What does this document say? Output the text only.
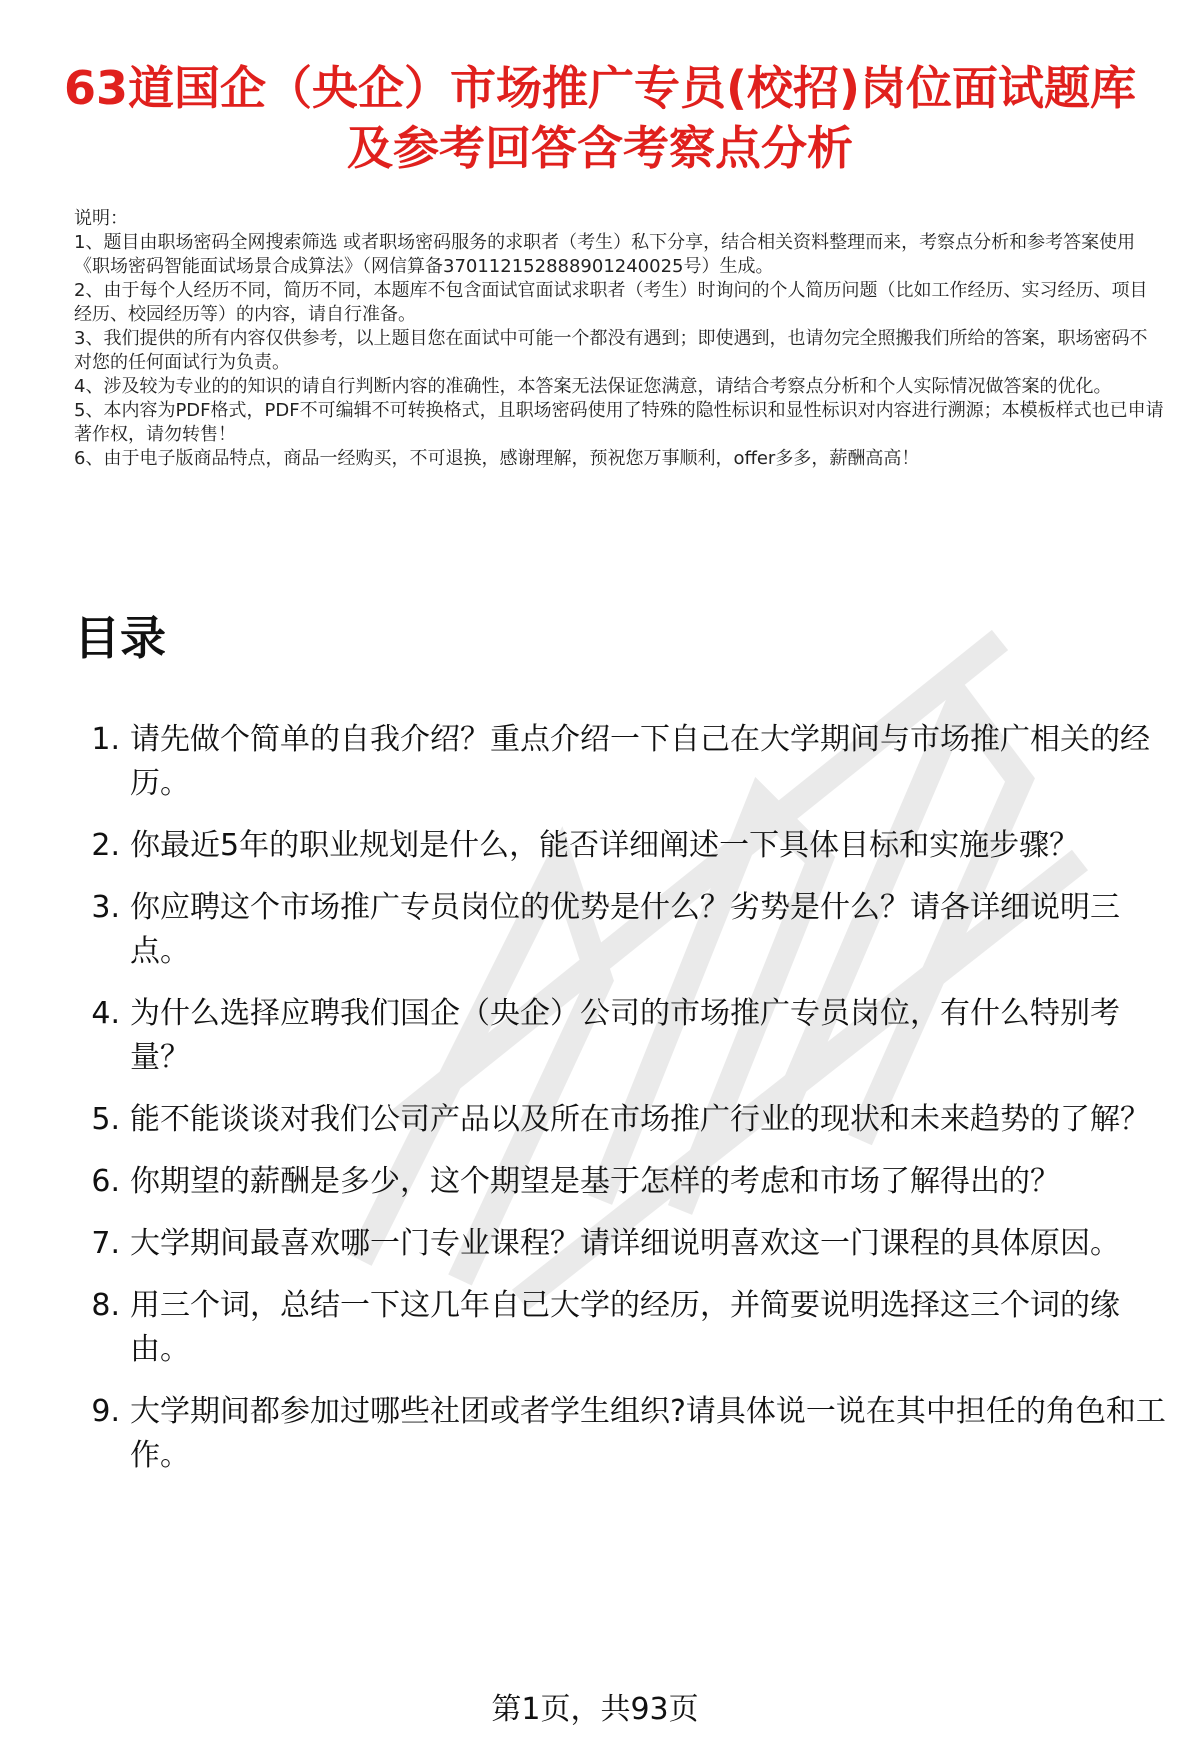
63道国企（央企）市场推广专员(校招)岗位面试题库及参考回答含考察点分析

说明：

1、题目由职场密码全网搜索筛选 或者职场密码服务的求职者（考生）私下分享，结合相关资料整理而来，考察点分析和参考答案使用《职场密码智能面试场景合成算法》（网信算备370112152888901240025号）生成。

2、由于每个人经历不同，简历不同，本题库不包含面试官面试求职者（考生）时询问的个人简历问题（比如工作经历、实习经历、项目经历、校园经历等）的内容，请自行准备。

3、我们提供的所有内容仅供参考，以上题目您在面试中可能一个都没有遇到；即使遇到，也请勿完全照搬我们所给的答案，职场密码不对您的任何面试行为负责。

4、涉及较为专业的的知识的请自行判断内容的准确性，本答案无法保证您满意，请结合考察点分析和个人实际情况做答案的优化。

5、本内容为PDF格式，PDF不可编辑不可转换格式，且职场密码使用了特殊的隐性标识和显性标识对内容进行溯源；本模板样式也已申请著作权，请勿转售！

6、由于电子版商品特点，商品一经购买，不可退换，感谢理解，预祝您万事顺利，offer多多，薪酬高高！

目录
1. 请先做个简单的自我介绍？重点介绍一下自己在大学期间与市场推广相关的经历。
2. 你最近5年的职业规划是什么，能否详细阐述一下具体目标和实施步骤？
3. 你应聘这个市场推广专员岗位的优势是什么？劣势是什么？请各详细说明三点。
4. 为什么选择应聘我们国企（央企）公司的市场推广专员岗位，有什么特别考量？
5. 能不能谈谈对我们公司产品以及所在市场推广行业的现状和未来趋势的了解？
6. 你期望的薪酬是多少，这个期望是基于怎样的考虑和市场了解得出的？
7. 大学期间最喜欢哪一门专业课程？请详细说明喜欢这一门课程的具体原因。
8. 用三个词，总结一下这几年自己大学的经历，并简要说明选择这三个词的缘由。
9. 大学期间都参加过哪些社团或者学生组织?请具体说一说在其中担任的角色和工作。
第1页，共93页
